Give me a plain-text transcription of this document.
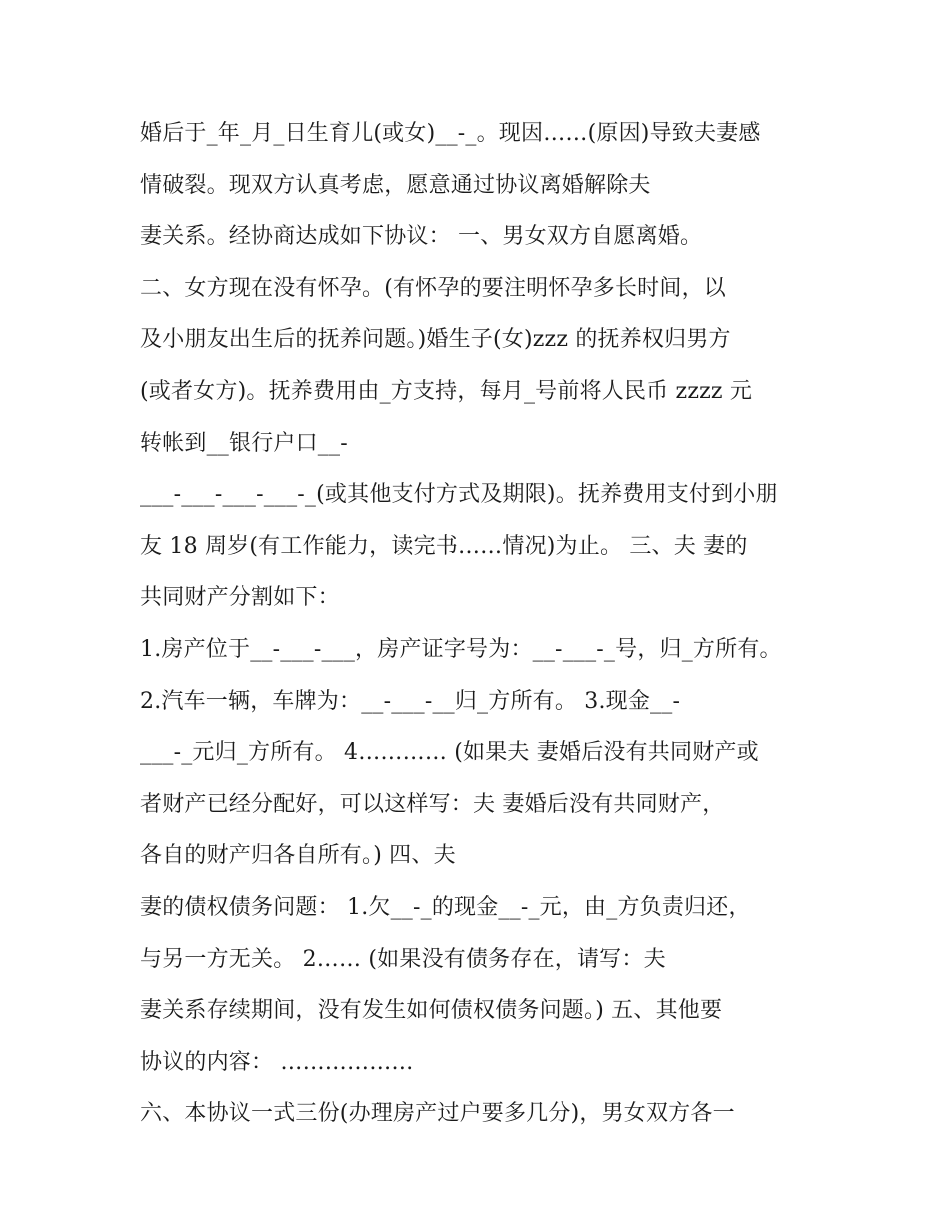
婚后于_年_月_日生育儿(或女)__-_。现因……(原因)导致夫妻感
情破裂。现双方认真考虑，愿意通过协议离婚解除夫
妻关系。经协商达成如下协议： 一、男女双方自愿离婚。
二、女方现在没有怀孕。(有怀孕的要注明怀孕多长时间，以
及小朋友出生后的抚养问题。)婚生子(女)zzz 的抚养权归男方
(或者女方)。抚养费用由_方支持，每月_号前将人民币 zzzz 元
转帐到__银行户口__-
___-___-___-___-_(或其他支付方式及期限)。抚养费用支付到小朋
友 18 周岁(有工作能力，读完书……情况)为止。 三、夫 妻的
共同财产分割如下：
1.房产位于__-___-___，房产证字号为：__-___-_号，归_方所有。
2.汽车一辆，车牌为：__-___-__归_方所有。 3.现金__-
___-_元归_方所有。 4………… (如果夫 妻婚后没有共同财产或
者财产已经分配好，可以这样写：夫 妻婚后没有共同财产，
各自的财产归各自所有。) 四、夫
妻的债权债务问题： 1.欠__-_的现金__-_元，由_方负责归还，
与另一方无关。 2…… (如果没有债务存在，请写：夫
妻关系存续期间，没有发生如何债权债务问题。) 五、其他要
协议的内容： ………………
六、本协议一式三份(办理房产过户要多几分)，男女双方各一
